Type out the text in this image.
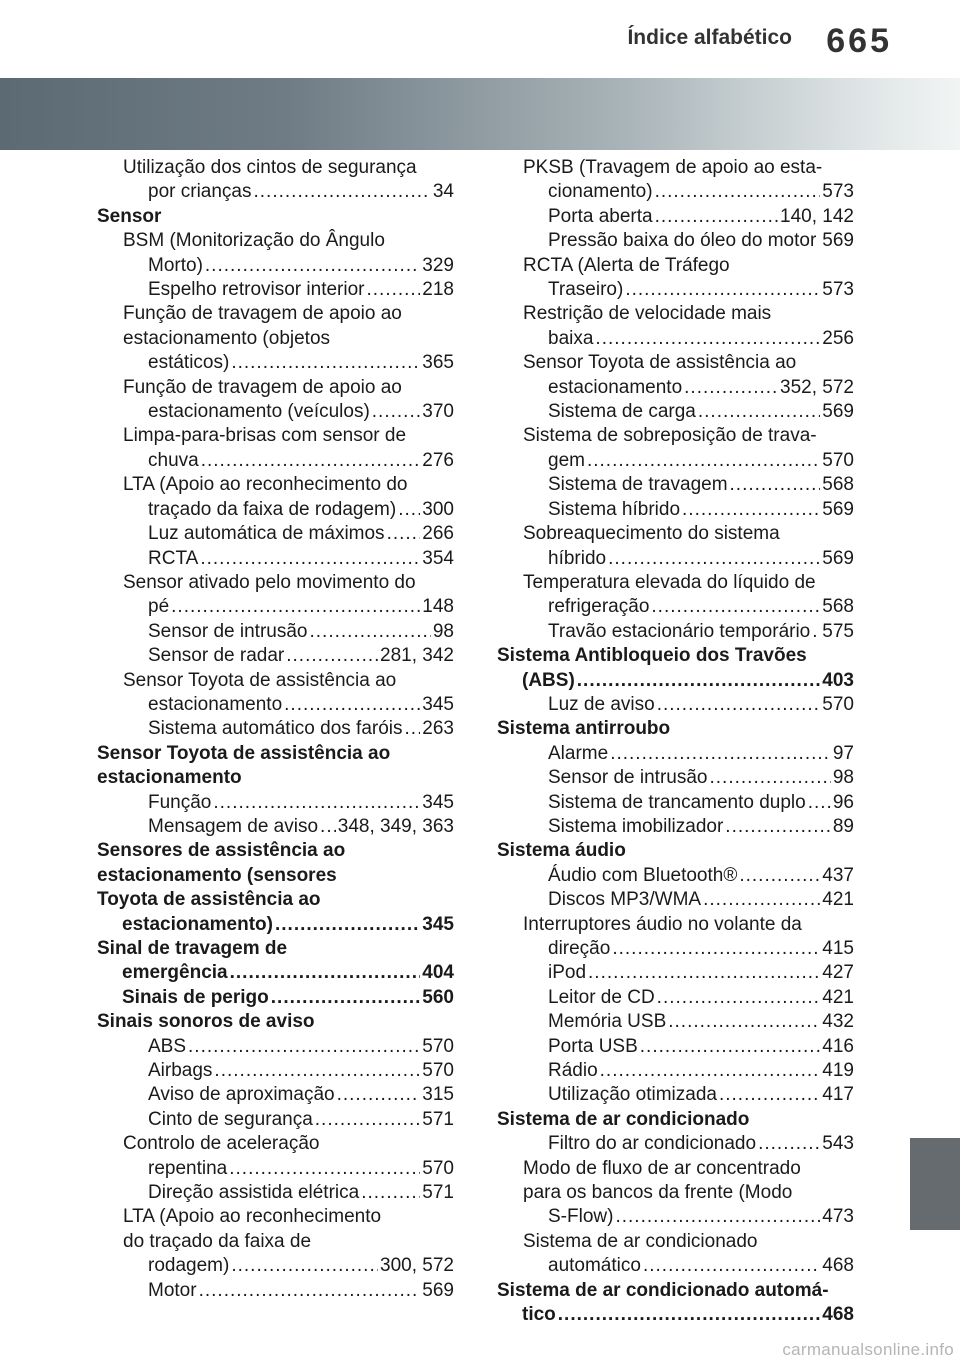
Índice alfabético 665
Utilização dos cintos de segurança
por crianças .....	34
Sensor
BSM (Monitorização do Ângulo
Morto) .....	329
Espelho retrovisor interior .....	218
Função de travagem de apoio ao
estacionamento (objetos
estáticos) .....	365
Função de travagem de apoio ao
estacionamento (veículos) .....	370
Limpa-para-brisas com sensor de
chuva .....	276
LTA (Apoio ao reconhecimento do
traçado da faixa de rodagem) ..... 300
Luz automática de máximos ..... 266
RCTA .....	354
Sensor ativado pelo movimento do
pé .....	148
Sensor de intrusão .....	98
Sensor de radar .....	281, 342
Sensor Toyota de assistência ao
estacionamento .....	345
Sistema automático dos faróis ..... 263
Sensor Toyota de assistência ao
estacionamento
Função .....	345
Mensagem de aviso ..... 348, 349, 363
Sensores de assistência ao
estacionamento (sensores
Toyota de assistência ao
estacionamento) .....	345
Sinal de travagem de
emergência .....	404
Sinais de perigo .....	560
Sinais sonoros de aviso
ABS .....	570
Airbags .....	570
Aviso de aproximação .....	315
Cinto de segurança .....	571
Controlo de aceleração
repentina .....	570
Direção assistida elétrica .....	571
LTA (Apoio ao reconhecimento
do traçado da faixa de
rodagem) .....	300, 572
Motor .....	569
PKSB (Travagem de apoio ao esta-
cionamento) .....	573
Porta aberta .....	140, 142
Pressão baixa do óleo do motor 569
RCTA (Alerta de Tráfego
Traseiro) .....	573
Restrição de velocidade mais
baixa .....	256
Sensor Toyota de assistência ao
estacionamento .....	352, 572
Sistema de carga .....	569
Sistema de sobreposição de trava-
gem .....	570
Sistema de travagem .....	568
Sistema híbrido .....	569
Sobreaquecimento do sistema
híbrido .....	569
Temperatura elevada do líquido de
refrigeração .....	568
Travão estacionário temporário ..... 575
Sistema Antibloqueio dos Travões
(ABS) .....	403
Luz de aviso .....	570
Sistema antirroubo
Alarme .....	97
Sensor de intrusão .....	98
Sistema de trancamento duplo ..... 96
Sistema imobilizador .....	89
Sistema áudio
Áudio com Bluetooth® .....	437
Discos MP3/WMA .....	421
Interruptores áudio no volante da
direção .....	415
iPod .....	427
Leitor de CD .....	421
Memória USB .....	432
Porta USB .....	416
Rádio .....	419
Utilização otimizada .....	417
Sistema de ar condicionado
Filtro do ar condicionado .....	543
Modo de fluxo de ar concentrado
para os bancos da frente (Modo
S-Flow) .....	473
Sistema de ar condicionado
automático .....	468
Sistema de ar condicionado automá-
tico .....	468
carmanualsonline.info
